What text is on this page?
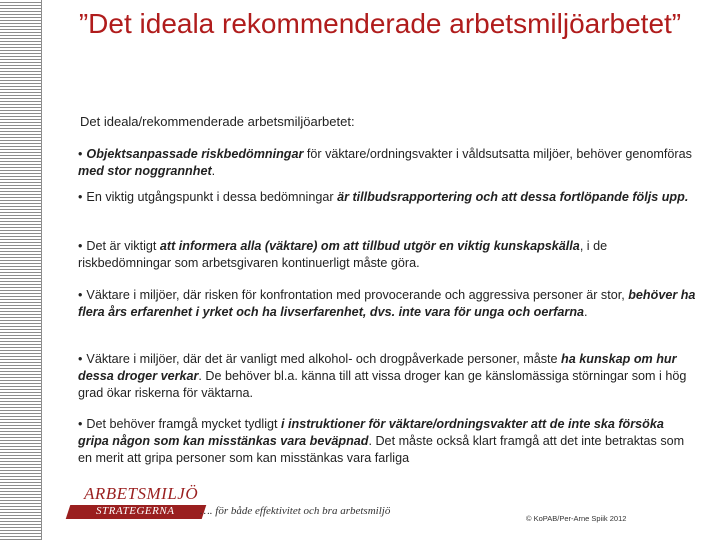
”Det ideala rekommenderade arbetsmiljöarbetet”
Det ideala/rekommenderade arbetsmiljöarbetet:
• Objektsanpassade riskbedömningar för väktare/ordningsvakter i våldsutsatta miljöer, behöver genomföras med stor noggrannhet.
• En viktig utgångspunkt i dessa bedömningar är tillbudsrapportering och att dessa fortlöpande följs upp.
• Det är viktigt att informera alla (väktare) om att tillbud utgör en viktig kunskapskälla, i de riskbedömningar som arbetsgivaren kontinuerligt måste göra.
• Väktare i miljöer, där risken för konfrontation med provocerande och aggressiva personer är stor, behöver ha flera års erfarenhet i yrket och ha livserfarenhet, dvs. inte vara för unga och oerfarna.
• Väktare i miljöer, där det är vanligt med alkohol- och drogpåverkade personer, måste ha kunskap om hur dessa droger verkar. De behöver bl.a. känna till att vissa droger kan ge känslomässiga störningar som i hög grad ökar riskerna för väktarna.
• Det behöver framgå mycket tydligt i instruktioner för väktare/ordningsvakter att de inte ska försöka gripa någon som kan misstänkas vara beväpnad. Det måste också klart framgå att det inte betraktas som en merit att gripa personer som kan misstänkas vara farliga
ARBETSMILJÖ
STRATEGERNA …. för både effektivitet och bra arbetsmiljö
© KoPAB/Per-Arne Spiik 2012
